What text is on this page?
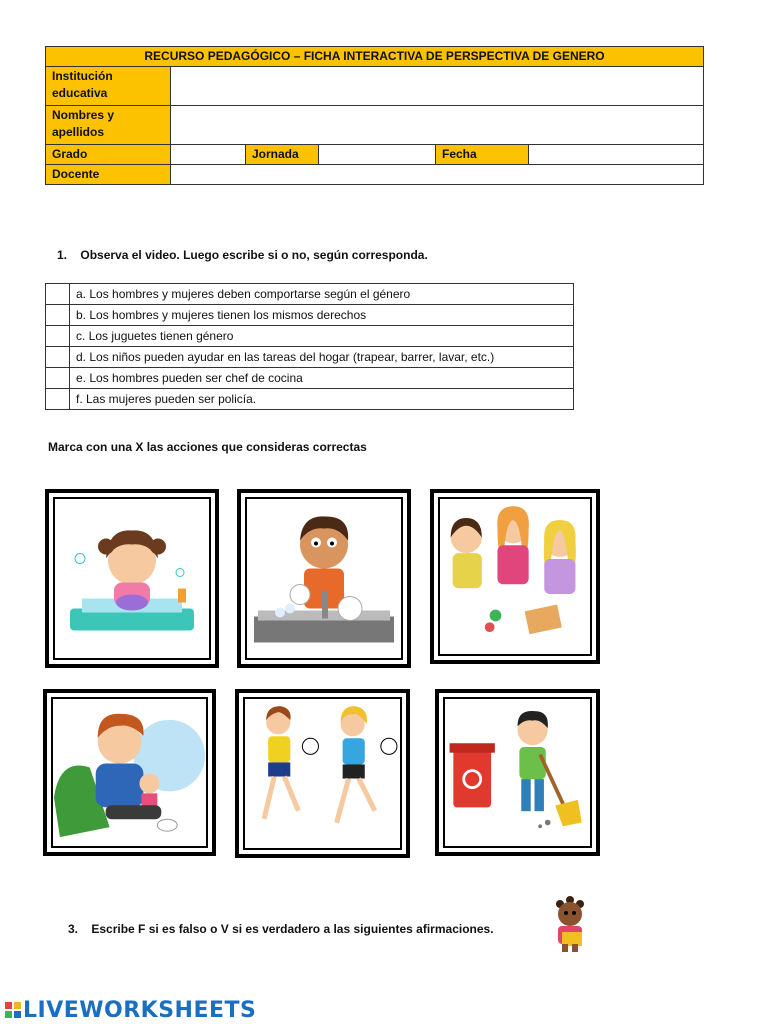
RECURSO PEDAGÓGICO – FICHA INTERACTIVA DE PERSPECTIVA DE GENERO					
Institución educativa					
Nombres y apellidos					
Grado		Jornada		Fecha	
Docente					
1. Observa el video. Luego escribe si o no, según corresponda.
	a. Los hombres y mujeres deben comportarse según el género
	b. Los hombres y mujeres tienen los mismos derechos
	c. Los juguetes tienen género
	d. Los niños pueden ayudar en las tareas del hogar (trapear, barrer, lavar, etc.)
	e. Los hombres pueden ser chef de cocina
	f. Las mujeres pueden ser policía.
Marca con una X las acciones que consideras correctas
3. Escribe F si es falso o V si es verdadero a las siguientes afirmaciones.
LIVEWORKSHEETS
